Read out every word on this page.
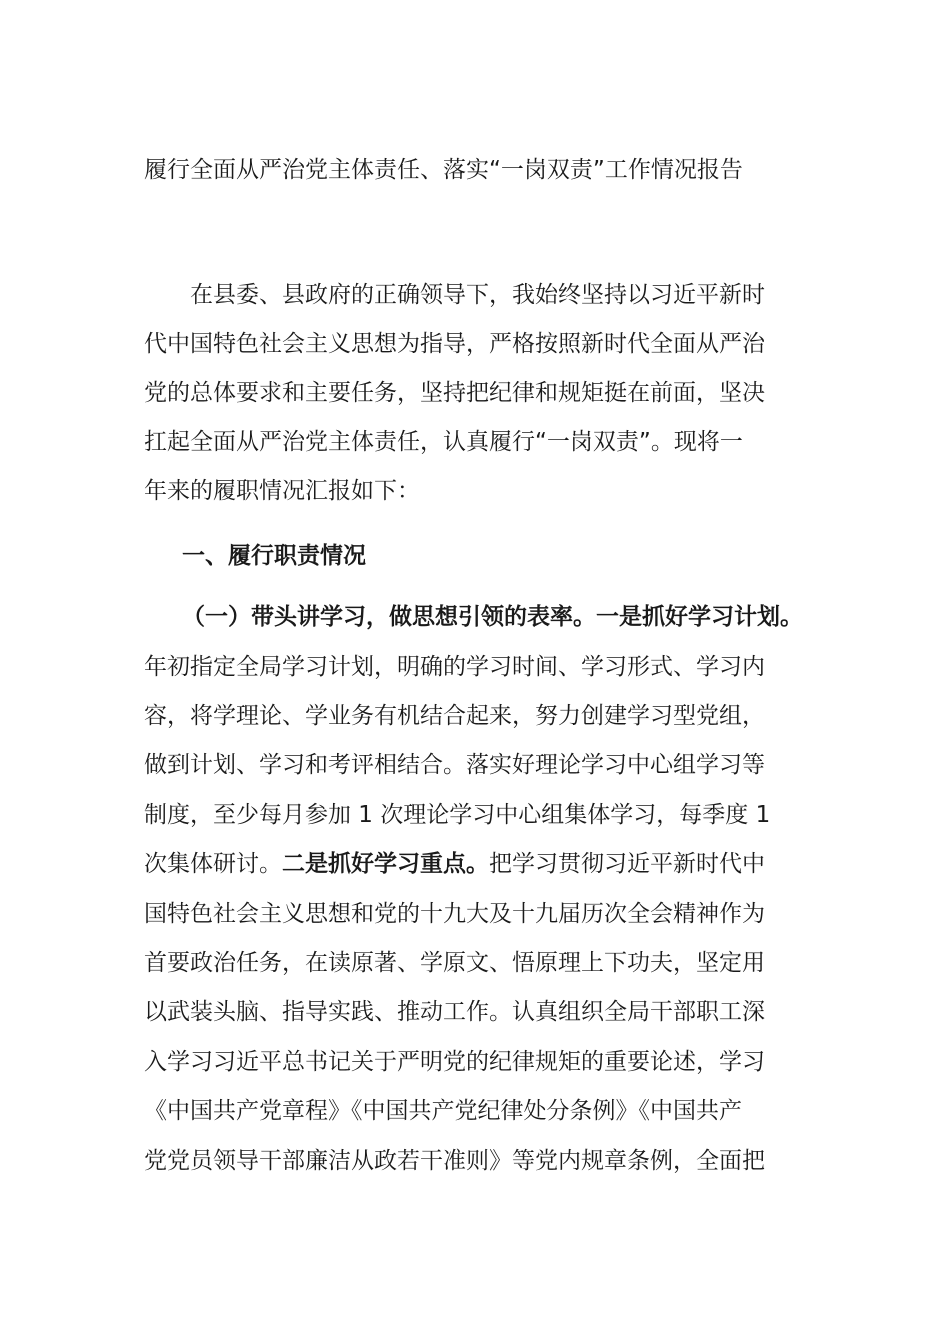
履行全面从严治党主体责任、落实“一岗双责”工作情况报告

在县委、县政府的正确领导下，我始终坚持以习近平新时

代中国特色社会主义思想为指导，严格按照新时代全面从严治

党的总体要求和主要任务，坚持把纪律和规矩挺在前面，坚决

扛起全面从严治党主体责任，认真履行“一岗双责”。现将一

年来的履职情况汇报如下：

一、履行职责情况

（一）带头讲学习，做思想引领的表率。一是抓好学习计划。

年初指定全局学习计划，明确的学习时间、学习形式、学习内

容，将学理论、学业务有机结合起来，努力创建学习型党组，

做到计划、学习和考评相结合。落实好理论学习中心组学习等

制度，至少每月参加 1 次理论学习中心组集体学习，每季度 1

次集体研讨。二是抓好学习重点。把学习贯彻习近平新时代中

国特色社会主义思想和党的十九大及十九届历次全会精神作为

首要政治任务，在读原著、学原文、悟原理上下功夫，坚定用

以武装头脑、指导实践、推动工作。认真组织全局干部职工深

入学习习近平总书记关于严明党的纪律规矩的重要论述，学习

《中国共产党章程》《中国共产党纪律处分条例》《中国共产

党党员领导干部廉洁从政若干准则》等党内规章条例，全面把
